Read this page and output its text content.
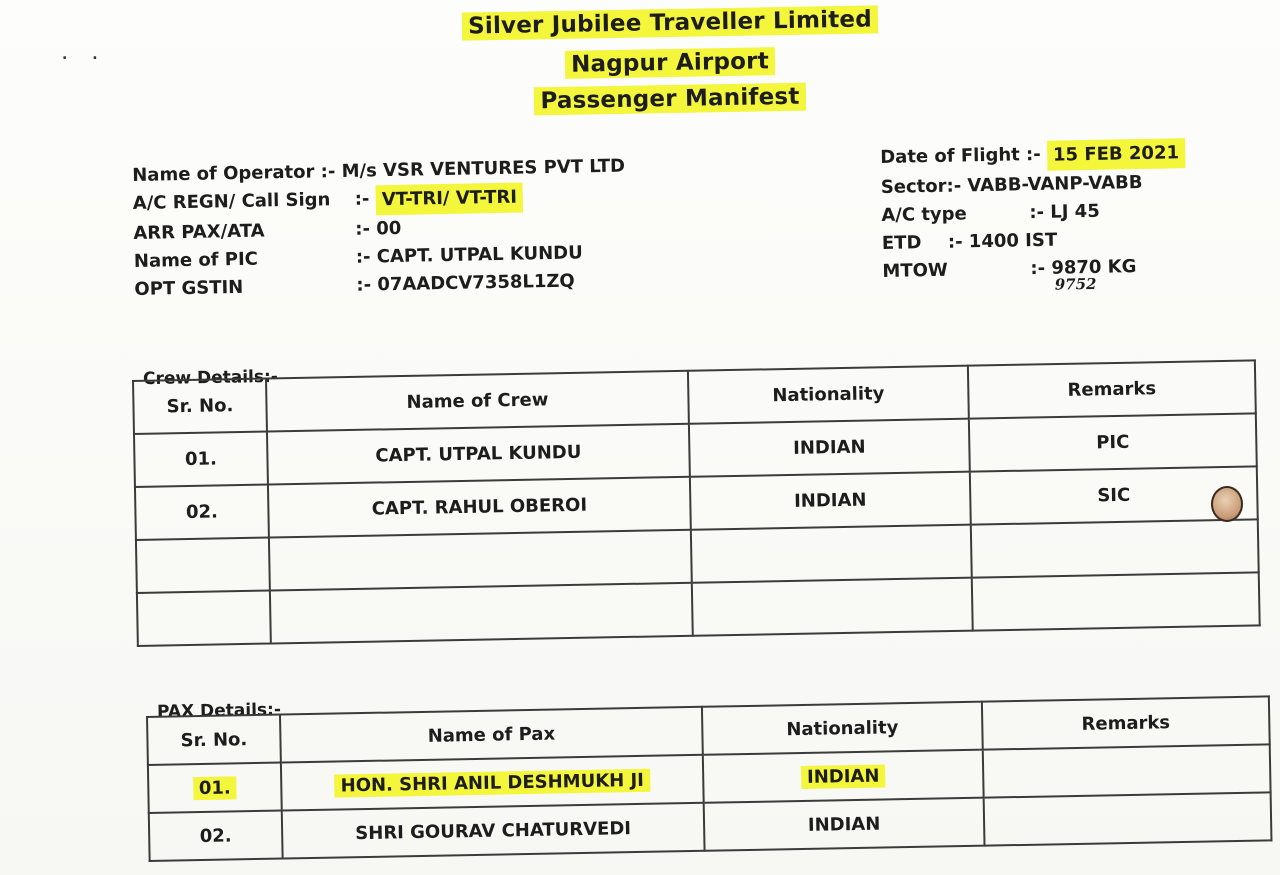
. .
Silver Jubilee Traveller Limited
Nagpur Airport
Passenger Manifest
Name of Operator :-
M/s VSR VENTURES PVT LTD
A/C REGN/ Call Sign	:-
VT-TRI/ VT-TRI
ARR PAX/ATA	:- 00
Name of PIC	:- CAPT. UTPAL KUNDU
OPT GSTIN	:- 07AADCV7358L1ZQ
Date of Flight :-
15 FEB 2021
Sector:- VABB-VANP-VABB
A/C type	:- LJ 45
ETD	:- 1400 IST
MTOW	:- 9870 KG
9752
Crew Details:-
Sr. No.	Name of Crew	Nationality	Remarks
01.	CAPT. UTPAL KUNDU	INDIAN	PIC
02.	CAPT. RAHUL OBEROI	INDIAN	SIC

PAX Details:-
Sr. No.	Name of Pax	Nationality	Remarks
01.	HON. SHRI ANIL DESHMUKH JI	INDIAN	
02.	SHRI GOURAV CHATURVEDI	INDIAN	
